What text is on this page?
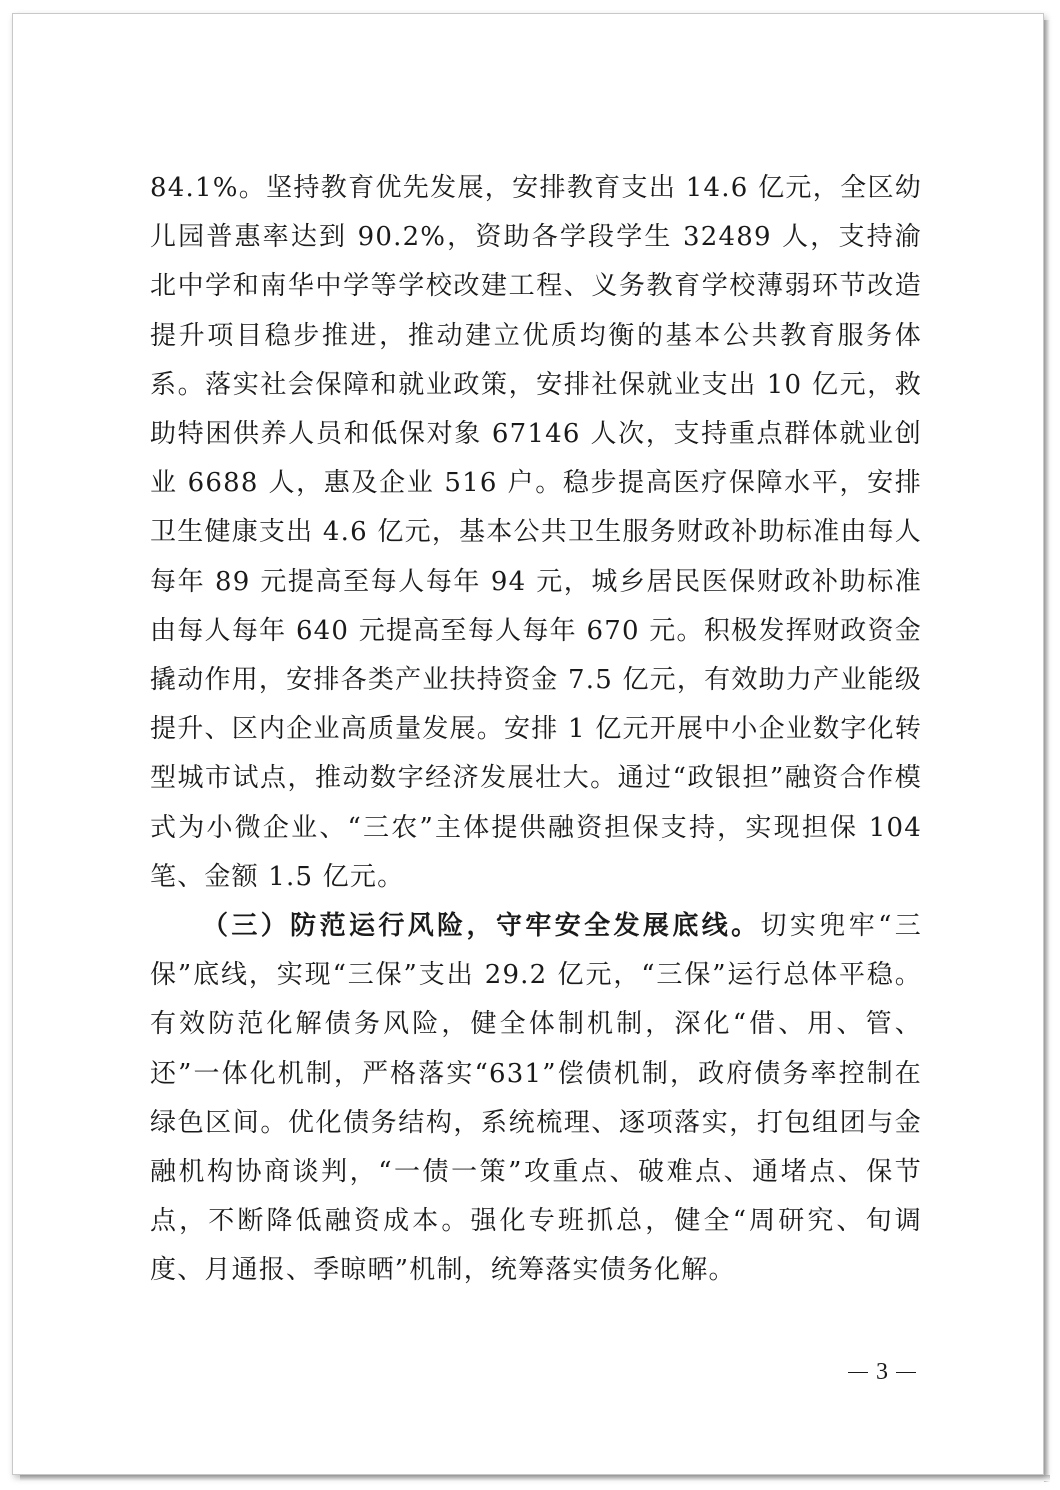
84.1%。坚持教育优先发展，安排教育支出 14.6 亿元，全区幼儿园普惠率达到 90.2%，资助各学段学生 32489 人，支持渝北中学和南华中学等学校改建工程、义务教育学校薄弱环节改造提升项目稳步推进，推动建立优质均衡的基本公共教育服务体系。落实社会保障和就业政策，安排社保就业支出 10 亿元，救助特困供养人员和低保对象 67146 人次，支持重点群体就业创业 6688 人，惠及企业 516 户。稳步提高医疗保障水平，安排卫生健康支出 4.6 亿元，基本公共卫生服务财政补助标准由每人每年 89 元提高至每人每年 94 元，城乡居民医保财政补助标准由每人每年 640 元提高至每人每年 670 元。积极发挥财政资金撬动作用，安排各类产业扶持资金 7.5 亿元，有效助力产业能级提升、区内企业高质量发展。安排 1 亿元开展中小企业数字化转型城市试点，推动数字经济发展壮大。通过“政银担”融资合作模式为小微企业、“三农”主体提供融资担保支持，实现担保 104 笔、金额 1.5 亿元。

（三）防范运行风险，守牢安全发展底线。切实兜牢“三保”底线，实现“三保”支出 29.2 亿元，“三保”运行总体平稳。有效防范化解债务风险，健全体制机制，深化“借、用、管、还”一体化机制，严格落实“631”偿债机制，政府债务率控制在绿色区间。优化债务结构，系统梳理、逐项落实，打包组团与金融机构协商谈判，“一债一策”攻重点、破难点、通堵点、保节点，不断降低融资成本。强化专班抓总，健全“周研究、旬调度、月通报、季晾晒”机制，统筹落实债务化解。

3
